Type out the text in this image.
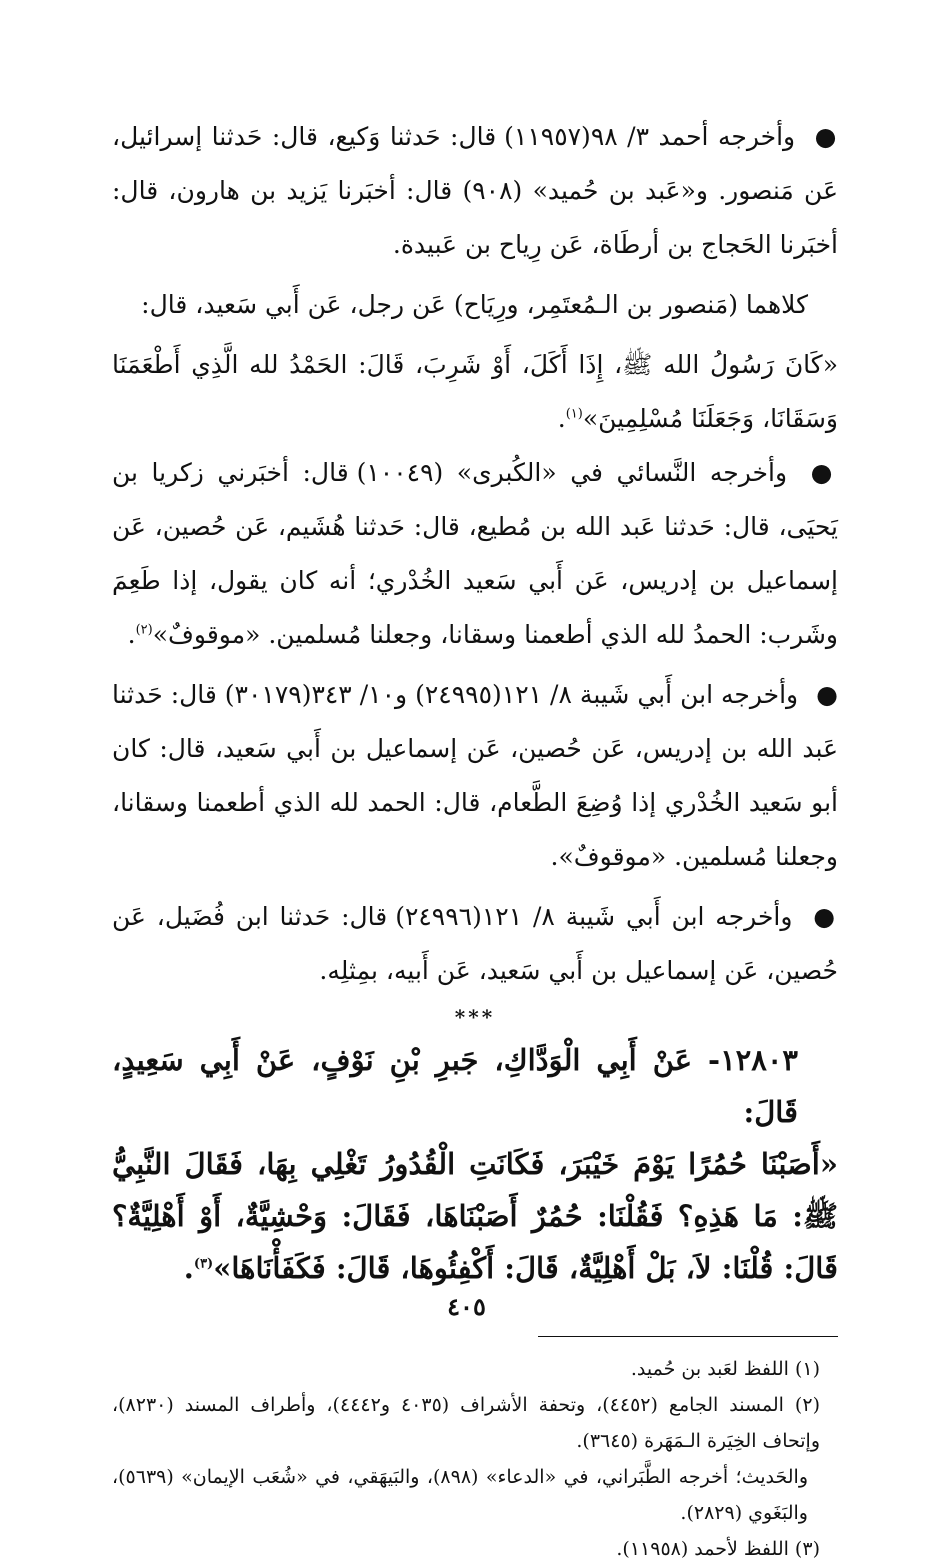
● وأخرجه أحمد ٣/ ٩٨(١١٩٥٧) قال: حَدثنا وَكيع، قال: حَدثنا إسرائيل، عَن مَنصور. و«عَبد بن حُميد» (٩٠٨) قال: أخبَرنا يَزيد بن هارون، قال: أخبَرنا الحَجاج بن أرطَاة، عَن رِياح بن عَبيدة.

كلاهما (مَنصور بن الـمُعتَمِر، ورِيَاح) عَن رجل، عَن أَبي سَعيد، قال:

«كَانَ رَسُولُ الله ﷺ، إِذَا أَكَلَ، أَوْ شَرِبَ، قَالَ: الحَمْدُ لله الَّذِي أَطْعَمَنَا وَسَقَانَا، وَجَعَلَنَا مُسْلِمِينَ»$^{(١)}$.

● وأخرجه النَّسائي في «الكُبرى» (١٠٠٤٩) قال: أخبَرني زكريا بن يَحيَى، قال: حَدثنا عَبد الله بن مُطيع، قال: حَدثنا هُشَيم، عَن حُصين، عَن إسماعيل بن إدريس، عَن أَبي سَعيد الخُدْري؛ أنه كان يقول، إذا طَعِمَ وشَرب: الحمدُ لله الذي أطعمنا وسقانا، وجعلنا مُسلمين. «موقوفٌ»$^{(٢)}$.

● وأخرجه ابن أَبي شَيبة ٨/ ١٢١(٢٤٩٩٥) و١٠/ ٣٤٣(٣٠١٧٩) قال: حَدثنا عَبد الله بن إدريس، عَن حُصين، عَن إسماعيل بن أَبي سَعيد، قال: كان أبو سَعيد الخُدْري إذا وُضِعَ الطَّعام، قال: الحمد لله الذي أطعمنا وسقانا، وجعلنا مُسلمين. «موقوفٌ».

● وأخرجه ابن أَبي شَيبة ٨/ ١٢١(٢٤٩٩٦) قال: حَدثنا ابن فُضَيل، عَن حُصين، عَن إسماعيل بن أَبي سَعيد، عَن أَبيه، بمِثلِه.

***

١٢٨٠٣- عَنْ أَبِي الْوَدَّاكِ، جَبرِ بْنِ نَوْفٍ، عَنْ أَبِي سَعِيدٍ، قَالَ:

«أَصَبْنَا حُمُرًا يَوْمَ خَيْبَرَ، فَكَانَتِ الْقُدُورُ تَغْلِي بِهَا، فَقَالَ النَّبِيُّ ﷺ: مَا هَذِهِ؟ فَقُلْنَا: حُمُرٌ أَصَبْنَاهَا، فَقَالَ: وَحْشِيَّةٌ، أَوْ أَهْلِيَّةٌ؟ قَالَ: قُلْنَا: لاَ، بَلْ أَهْلِيَّةٌ، قَالَ: أَكْفِئُوهَا، قَالَ: فَكَفَأْنَاهَا»$^{(٣)}$.

(١) اللفظ لعَبد بن حُميد.

(٢) المسند الجامع (٤٤٥٢)، وتحفة الأشراف (٤٠٣٥ و٤٤٤٢)، وأطراف المسند (٨٢٣٠)، وإتحاف الخِيَرة الـمَهَرة (٣٦٤٥).

والحَديث؛ أخرجه الطَّبَراني، في «الدعاء» (٨٩٨)، والبَيهَقي، في «شُعَب الإيمان» (٥٦٣٩)، والبَغَوي (٢٨٢٩).

(٣) اللفظ لأحمد (١١٩٥٨).

٤٠٥
